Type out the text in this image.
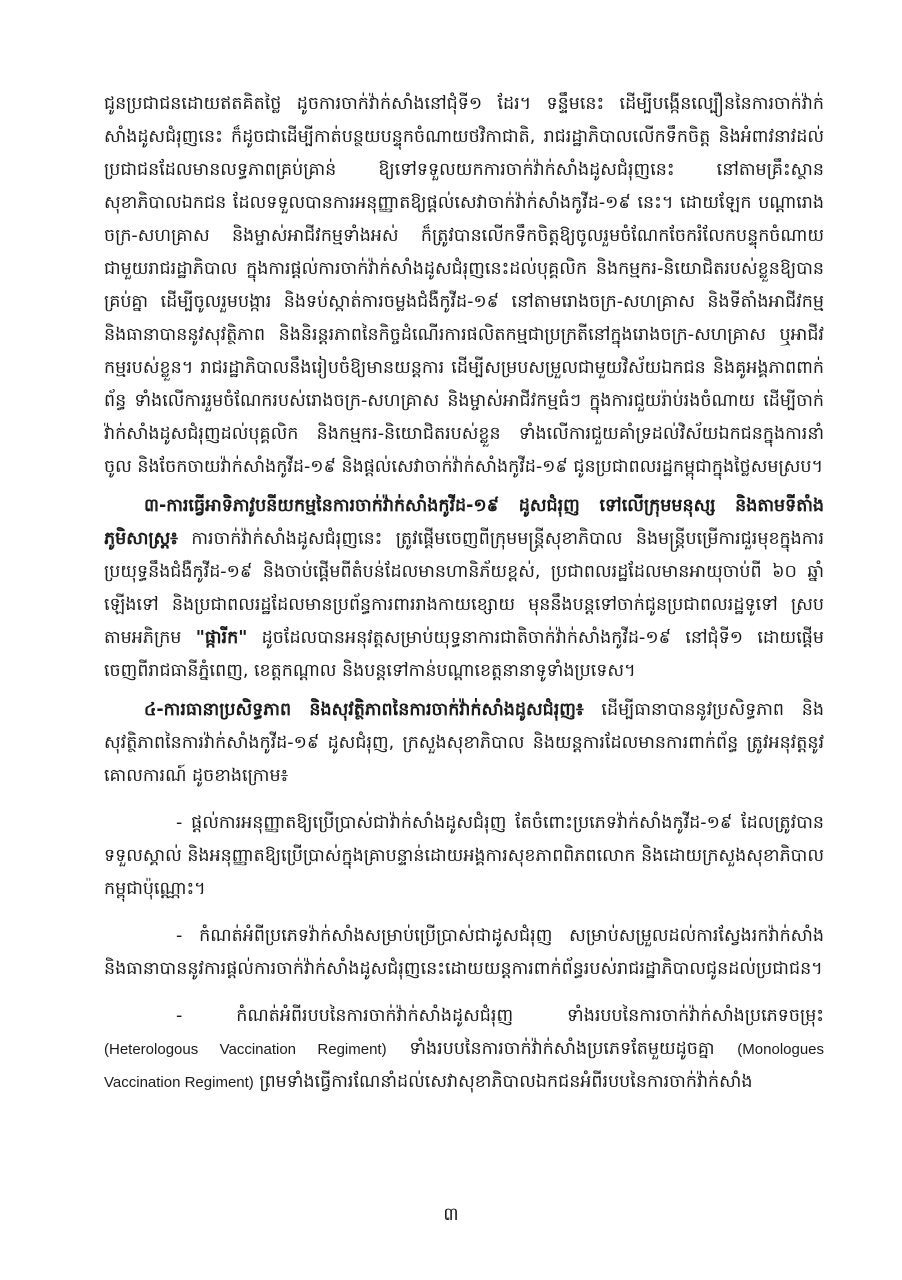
ជូនប្រជាជនដោយឥតគិតថ្លៃ ដូចការចាក់វ៉ាក់សាំងនៅជុំទី១ ដែរ។ ទន្ទឹមនេះ ដើម្បីបង្កើនល្បឿននៃការចាក់វ៉ាក់សាំងដូសជំរុញនេះ ក៏ដូចជាដើម្បីកាត់បន្ថយបន្ទុកចំណាយថវិកាជាតិ, រាជរដ្ឋាភិបាលលើកទឹកចិត្ត និងអំពាវនាវដល់ប្រជាជនដែលមានលទ្ធភាពគ្រប់គ្រាន់ ឱ្យទៅទទួលយកការចាក់វ៉ាក់សាំងដូសជំរុញនេះ នៅតាមគ្រឹះស្ថានសុខាភិបាលឯកជន ដែលទទួលបានការអនុញ្ញាតឱ្យផ្តល់សេវាចាក់វ៉ាក់សាំងកូវីដ-១៩ នេះ។ ដោយឡែក បណ្តារោងចក្រ-សហគ្រាស និងម្ចាស់អាជីវកម្មទាំងអស់ ក៏ត្រូវបានលើកទឹកចិត្តឱ្យចូលរួមចំណែកចែករំលែកបន្ទុកចំណាយជាមួយរាជរដ្ឋាភិបាល ក្នុងការផ្តល់ការចាក់វ៉ាក់សាំងដូសជំរុញនេះដល់បុគ្គលិក និងកម្មករ-និយោជិតរបស់ខ្លួនឱ្យបានគ្រប់គ្នា ដើម្បីចូលរួមបង្ការ និងទប់ស្កាត់ការចម្លងជំងឺកូវីដ-១៩ នៅតាមរោងចក្រ-សហគ្រាស និងទីតាំងអាជីវកម្ម និងធានាបាននូវសុវត្ថិភាព និងនិរន្តរភាពនៃកិច្ចដំណើរការផលិតកម្មជាប្រក្រតីនៅក្នុងរោងចក្រ-សហគ្រាស ឬអាជីវកម្មរបស់ខ្លួន។ រាជរដ្ឋាភិបាលនឹងរៀបចំឱ្យមានយន្តការ ដើម្បីសម្របសម្រួលជាមួយវិស័យឯកជន និងគូអង្គភាពពាក់ព័ន្ធ ទាំងលើការរួមចំណែករបស់រោងចក្រ-សហគ្រាស និងម្ចាស់អាជីវកម្មធំៗ ក្នុងការជួយរ៉ាប់រងចំណាយ ដើម្បីចាក់វ៉ាក់សាំងដូសជំរុញដល់បុគ្គលិក និងកម្មករ-និយោជិតរបស់ខ្លួន ទាំងលើការជួយគាំទ្រដល់វិស័យឯកជនក្នុងការនាំចូល និងចែកចាយវ៉ាក់សាំងកូវីដ-១៩ និងផ្តល់សេវាចាក់វ៉ាក់សាំងកូវីដ-១៩ ជូនប្រជាពលរដ្ឋកម្ពុជាក្នុងថ្លៃសមស្រប។

៣-ការធ្វើអាទិភាវូបនីយកម្មនៃការចាក់វ៉ាក់សាំងកូវីដ-១៩ ដូសជំរុញ ទៅលើក្រុមមនុស្ស និងតាមទីតាំងភូមិសាស្ត្រ៖ ការចាក់វ៉ាក់សាំងដូសជំរុញនេះ ត្រូវផ្តើមចេញពីក្រុមមន្ត្រីសុខាភិបាល និងមន្ត្រីបម្រើការជួរមុខក្នុងការប្រយុទ្ធនឹងជំងឺកូវីដ-១៩ និងចាប់ផ្តើមពីតំបន់ដែលមានហានិភ័យខ្ពស់, ប្រជាពលរដ្ឋដែលមានអាយុចាប់ពី ៦០ ឆ្នាំឡើងទៅ និងប្រជាពលរដ្ឋដែលមានប្រព័ន្ធការពាររាងកាយខ្សោយ មុននឹងបន្តទៅចាក់ជូនប្រជាពលរដ្ឋទូទៅ ស្របតាមអភិក្រម "ផ្ការីក" ដូចដែលបានអនុវត្តសម្រាប់យុទ្ធនាការជាតិចាក់វ៉ាក់សាំងកូវីដ-១៩ នៅជុំទី១ ដោយផ្តើមចេញពីរាជធានីភ្នំពេញ, ខេត្តកណ្តាល និងបន្តទៅកាន់បណ្តាខេត្តនានាទូទាំងប្រទេស។

៤-ការធានាប្រសិទ្ធភាព និងសុវត្ថិភាពនៃការចាក់វ៉ាក់សាំងដូសជំរុញ៖ ដើម្បីធានាបាននូវប្រសិទ្ធភាព និងសុវត្ថិភាពនៃការវ៉ាក់សាំងកូវីដ-១៩ ដូសជំរុញ, ក្រសួងសុខាភិបាល និងយន្តការដែលមានការពាក់ព័ន្ធ ត្រូវអនុវត្តនូវគោលការណ៍ ដូចខាងក្រោម៖

- ផ្តល់ការអនុញ្ញាតឱ្យប្រើប្រាស់ជាវ៉ាក់សាំងដូសជំរុញ តែចំពោះប្រភេទវ៉ាក់សាំងកូវីដ-១៩ ដែលត្រូវបានទទួលស្គាល់ និងអនុញ្ញាតឱ្យប្រើប្រាស់ក្នុងគ្រាបន្ទាន់ដោយអង្គការសុខភាពពិភពលោក និងដោយក្រសួងសុខាភិបាលកម្ពុជាប៉ុណ្ណោះ។

- កំណត់អំពីប្រភេទវ៉ាក់សាំងសម្រាប់ប្រើប្រាស់ជាដូសជំរុញ សម្រាប់សម្រួលដល់ការស្វែងរកវ៉ាក់សាំង និងធានាបាននូវការផ្តល់ការចាក់វ៉ាក់សាំងដូសជំរុញនេះដោយយន្តការពាក់ព័ន្ធរបស់រាជរដ្ឋាភិបាលជូនដល់ប្រជាជន។

- កំណត់អំពីរបបនៃការចាក់វ៉ាក់សាំងដូសជំរុញ ទាំងរបបនៃការចាក់វ៉ាក់សាំងប្រភេទចម្រុះ (Heterologous Vaccination Regiment) ទាំងរបបនៃការចាក់វ៉ាក់សាំងប្រភេទតែមួយដូចគ្នា (Monologues Vaccination Regiment) ព្រមទាំងធ្វើការណែនាំដល់សេវាសុខាភិបាលឯកជនអំពីរបបនៃការចាក់វ៉ាក់សាំង

៣
